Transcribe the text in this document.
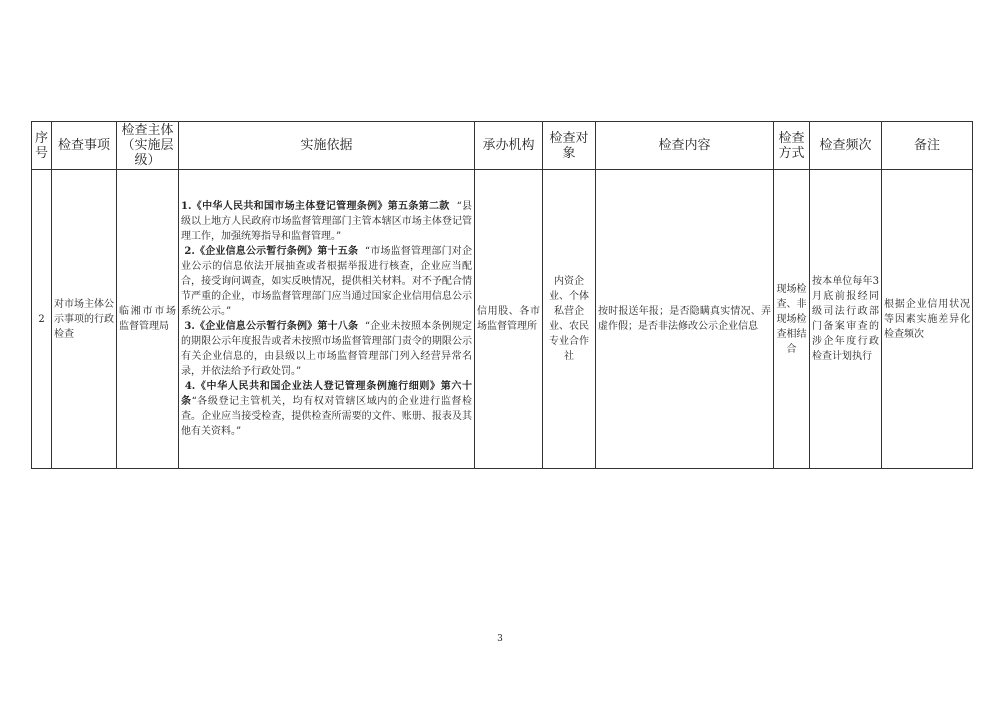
序号	检查事项	检查主体（实施层级）	实施依据	承办机构	检查对象	检查内容	检查方式	检查频次	备注
2	对市场主体公示事项的行政检查	临湘市市场监督管理局	1.《中华人民共和国市场主体登记管理条例》第五条第二款 “县级以上地方人民政府市场监督管理部门主管本辖区市场主体登记管理工作，加强统筹指导和监督管理。”

2.《企业信息公示暂行条例》第十五条 “市场监督管理部门对企业公示的信息依法开展抽查或者根据举报进行核查，企业应当配合，接受询问调查，如实反映情况，提供相关材料。对不予配合情节严重的企业，市场监督管理部门应当通过国家企业信用信息公示系统公示。”

3.《企业信息公示暂行条例》第十八条 “企业未按照本条例规定的期限公示年度报告或者未按照市场监督管理部门责令的期限公示有关企业信息的，由县级以上市场监督管理部门列入经营异常名录，并依法给予行政处罚。”

4.《中华人民共和国企业法人登记管理条例施行细则》第六十条“各级登记主管机关，均有权对管辖区域内的企业进行监督检查。企业应当接受检查，提供检查所需要的文件、账册、报表及其他有关资料。”	信用股、各市场监督管理所	内资企业、个体私营企业、农民专业合作社	按时报送年报；是否隐瞒真实情况、弄虚作假；是否非法修改公示企业信息	现场检查、非现场检查相结合	按本单位每年3月底前报经同级司法行政部门备案审查的涉企年度行政检查计划执行	根据企业信用状况等因素实施差异化检查频次
3
